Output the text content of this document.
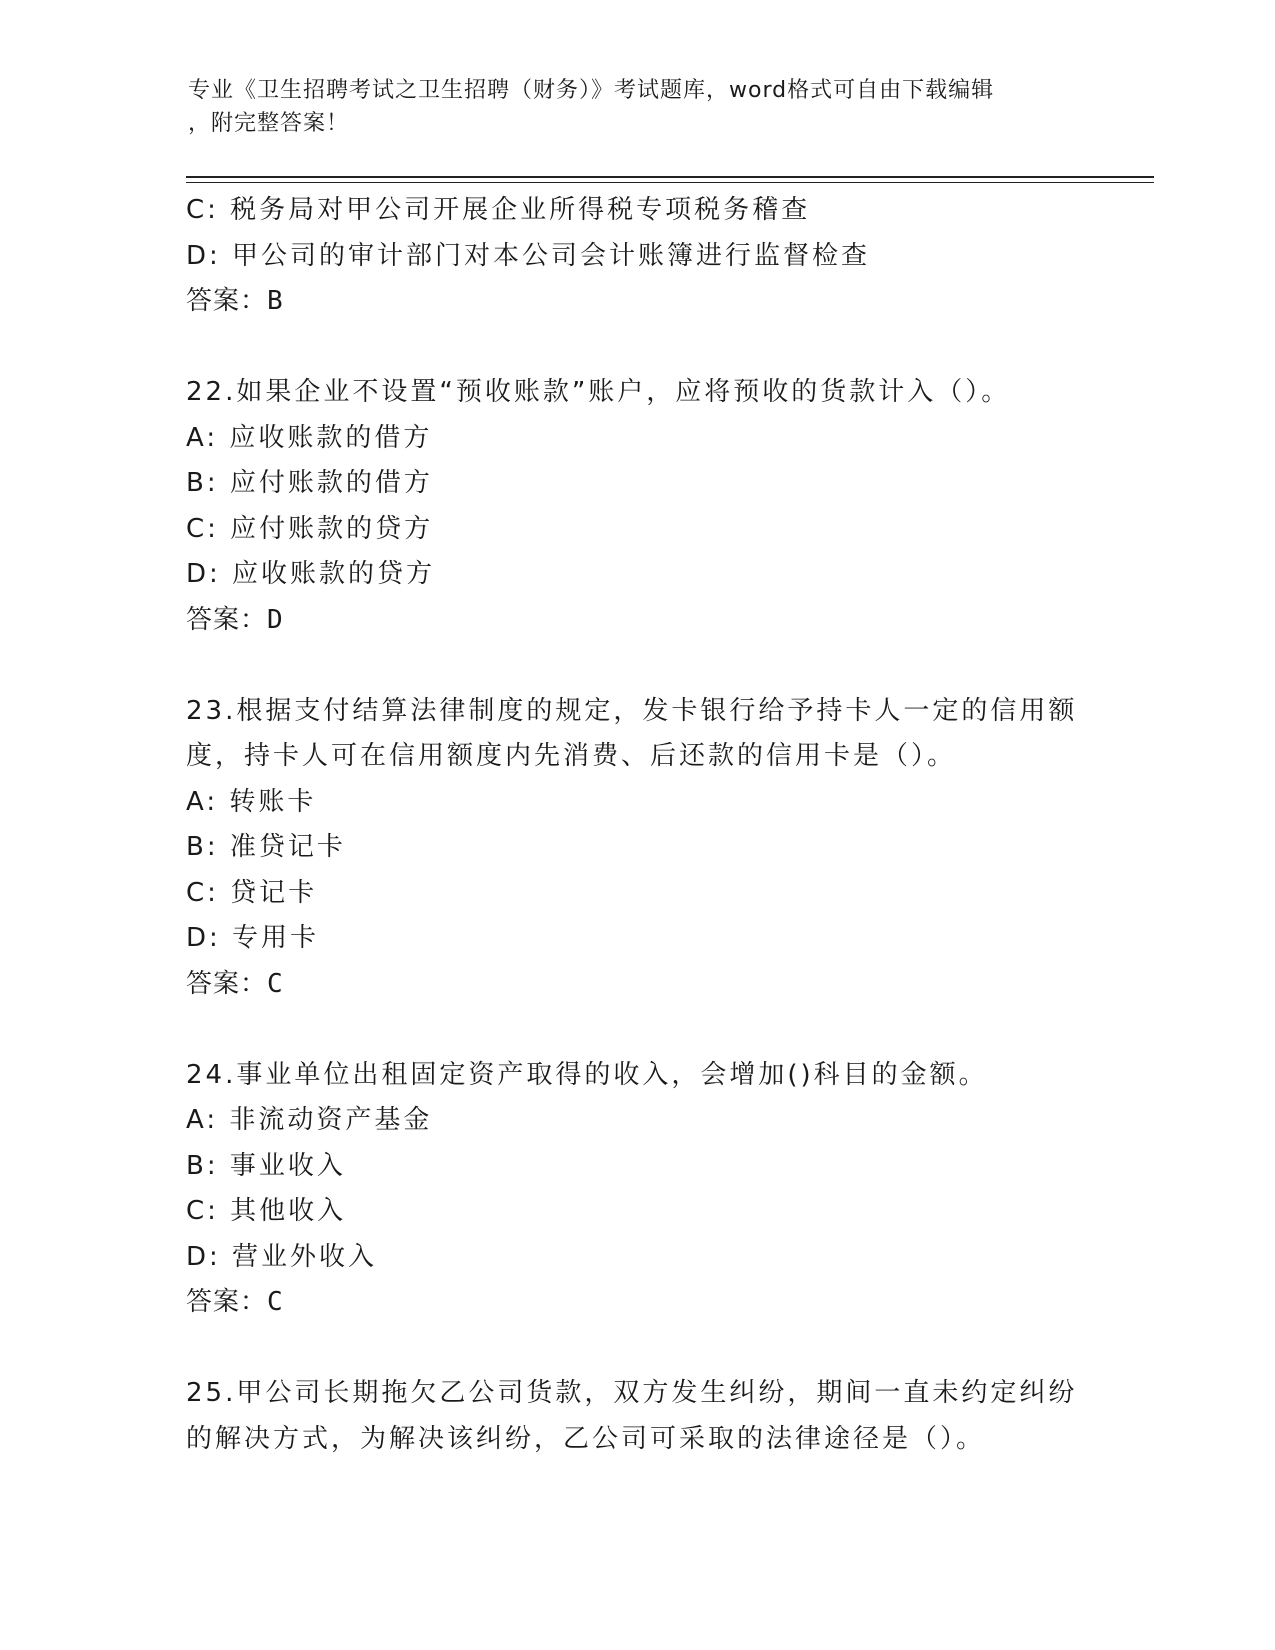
专业《卫生招聘考试之卫生招聘（财务）》考试题库，word格式可自由下载编辑
，附完整答案！
C: 税务局对甲公司开展企业所得税专项税务稽查
D: 甲公司的审计部门对本公司会计账簿进行监督检查
答案：B
22.如果企业不设置“预收账款”账户，应将预收的货款计入（）。
A: 应收账款的借方
B: 应付账款的借方
C: 应付账款的贷方
D: 应收账款的贷方
答案：D
23.根据支付结算法律制度的规定，发卡银行给予持卡人一定的信用额
度，持卡人可在信用额度内先消费、后还款的信用卡是（）。
A: 转账卡
B: 准贷记卡
C: 贷记卡
D: 专用卡
答案：C
24.事业单位出租固定资产取得的收入，会增加()科目的金额。
A: 非流动资产基金
B: 事业收入
C: 其他收入
D: 营业外收入
答案：C
25.甲公司长期拖欠乙公司货款，双方发生纠纷，期间一直未约定纠纷
的解决方式，为解决该纠纷，乙公司可采取的法律途径是（）。
